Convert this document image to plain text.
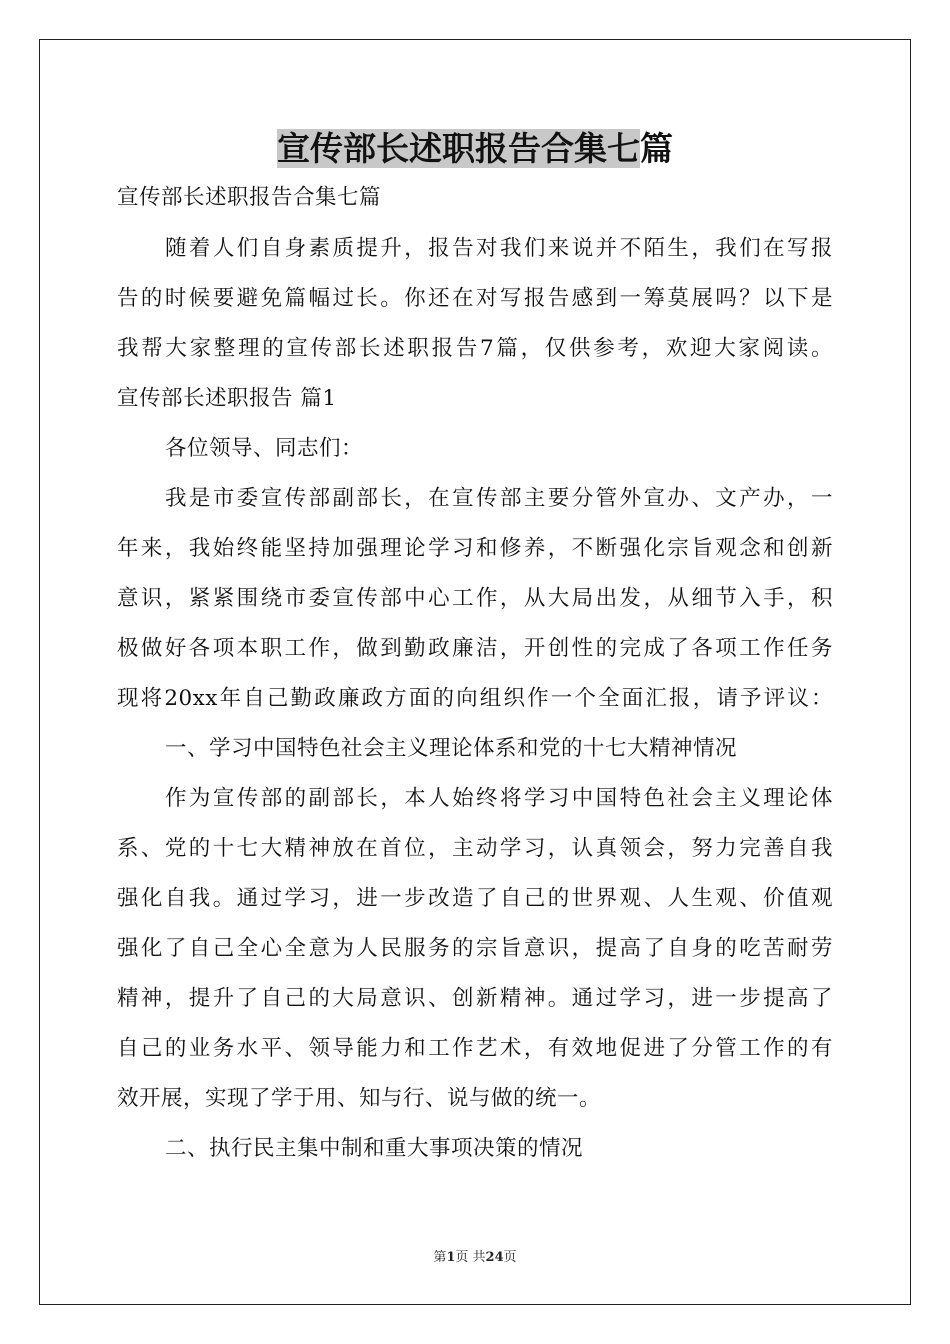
宣传部长述职报告合集七篇
宣传部长述职报告合集七篇
随着人们自身素质提升，报告对我们来说并不陌生，我们在写报
告的时候要避免篇幅过长。你还在对写报告感到一筹莫展吗？以下是
我帮大家整理的宣传部长述职报告7篇，仅供参考，欢迎大家阅读。
宣传部长述职报告 篇1
各位领导、同志们：
我是市委宣传部副部长，在宣传部主要分管外宣办、文产办，一
年来，我始终能坚持加强理论学习和修养，不断强化宗旨观念和创新
意识，紧紧围绕市委宣传部中心工作，从大局出发，从细节入手，积
极做好各项本职工作，做到勤政廉洁，开创性的完成了各项工作任务
现将20xx年自己勤政廉政方面的向组织作一个全面汇报，请予评议：
一、学习中国特色社会主义理论体系和党的十七大精神情况
作为宣传部的副部长，本人始终将学习中国特色社会主义理论体
系、党的十七大精神放在首位，主动学习，认真领会，努力完善自我
强化自我。通过学习，进一步改造了自己的世界观、人生观、价值观
强化了自己全心全意为人民服务的宗旨意识，提高了自身的吃苦耐劳
精神，提升了自己的大局意识、创新精神。通过学习，进一步提高了
自己的业务水平、领导能力和工作艺术，有效地促进了分管工作的有
效开展，实现了学于用、知与行、说与做的统一。
二、执行民主集中制和重大事项决策的情况
第1页 共24页
